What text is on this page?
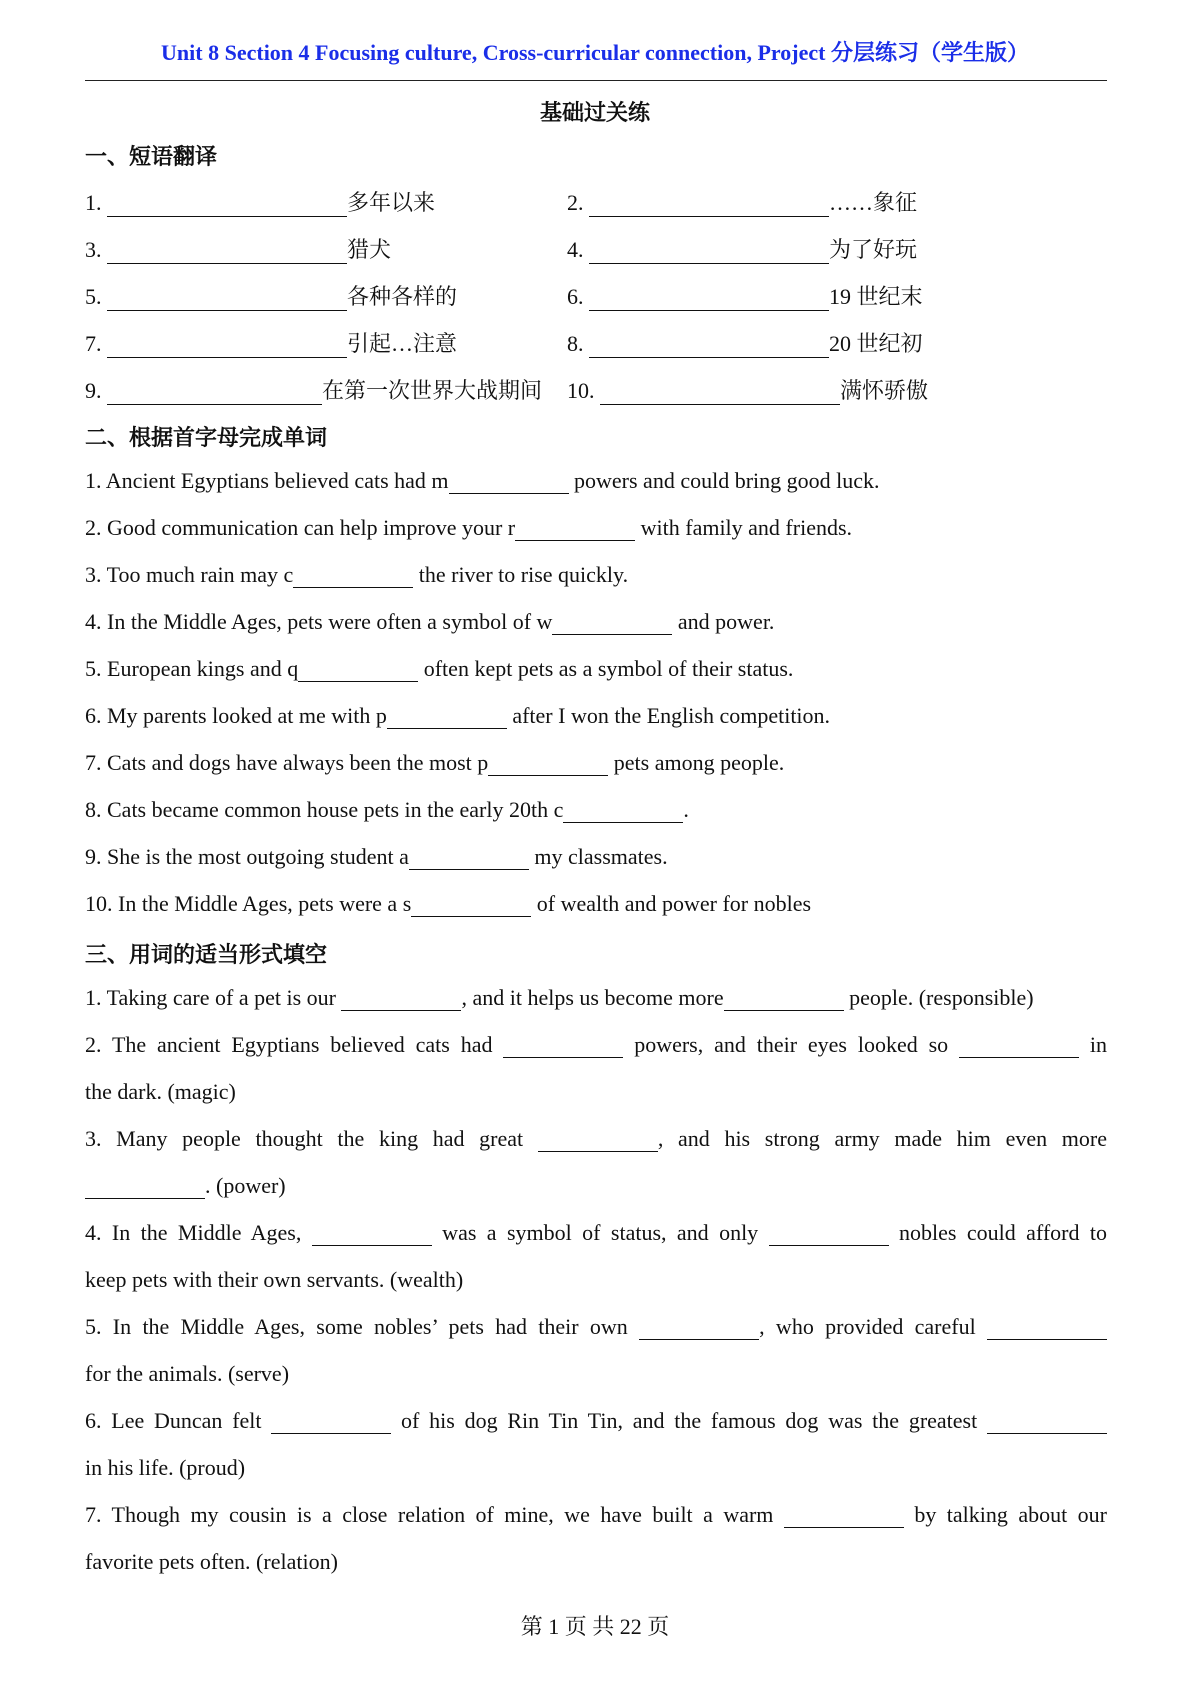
Unit 8 Section 4 Focusing culture, Cross-curricular connection, Project 分层练习（学生版）
基础过关练
一、短语翻译
1.	多年以来	2.	……象征
3.	猎犬	4.	为了好玩
5.	各种各样的	6.	19 世纪末
7.	引起…注意	8.	20 世纪初
9.	在第一次世界大战期间 10.	满怀骄傲
二、根据首字母完成单词
1. Ancient Egyptians believed cats had m	powers and could bring good luck.
2. Good communication can help improve your r	with family and friends.
3. Too much rain may c	the river to rise quickly.
4. In the Middle Ages, pets were often a symbol of w	and power.
5. European kings and q	often kept pets as a symbol of their status.
6. My parents looked at me with p	after I won the English competition.
7. Cats and dogs have always been the most p	pets among people.
8. Cats became common house pets in the early 20th c	.
9. She is the most outgoing student a	my classmates.
10. In the Middle Ages, pets were a s	of wealth and power for nobles
三、用词的适当形式填空
1. Taking care of a pet is our	, and it helps us become more	people. (responsible)
2. The ancient Egyptians believed cats had	powers, and their eyes looked so	in
the dark. (magic)
3. Many people thought the king had great	, and his strong army made him even more
. (power)
4. In the Middle Ages,	was a symbol of status, and only	nobles could afford to
keep pets with their own servants. (wealth)
5. In the Middle Ages, some nobles’ pets had their own	, who provided careful
for the animals. (serve)
6. Lee Duncan felt	of his dog Rin Tin Tin, and the famous dog was the greatest
in his life. (proud)
7. Though my cousin is a close relation of mine, we have built a warm	by talking about our
favorite pets often. (relation)
第 1 页 共 22 页
